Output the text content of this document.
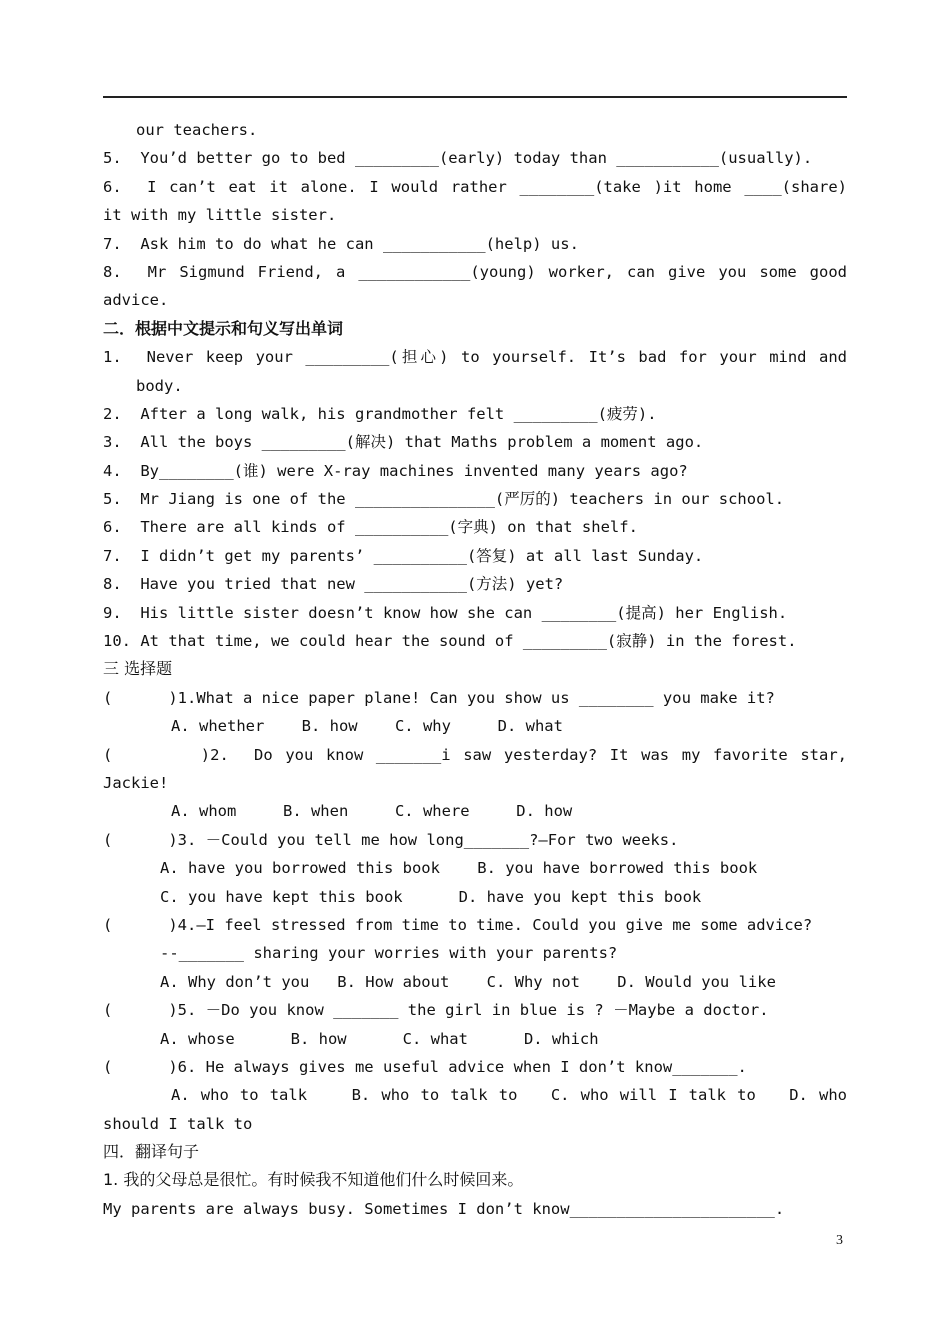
our teachers.
5.  You’d better go to bed _________(early) today than ___________(usually).
6.  I can’t eat it alone. I would rather ________(take )it home ____(share)
it with my little sister.
7.  Ask him to do what he can ___________(help) us.
8.  Mr Sigmund Friend, a ____________(young) worker, can give you some good
advice.
二．根据中文提示和句义写出单词
1.  Never keep your _________(担心) to yourself. It’s bad for your mind and
body.
2.  After a long walk, his grandmother felt _________(疲劳).
3.  All the boys _________(解决) that Maths problem a moment ago.
4.  By________(谁) were X-ray machines invented many years ago?
5.  Mr Jiang is one of the _______________(严厉的) teachers in our school.
6.  There are all kinds of __________(字典) on that shelf.
7.  I didn’t get my parents’ __________(答复) at all last Sunday.
8.  Have you tried that new ___________(方法) yet?
9.  His little sister doesn’t know how she can ________(提高) her English.
10. At that time, we could hear the sound of _________(寂静) in the forest.
三 选择题
(      )1.What a nice paper plane! Can you show us ________ you make it?
A. whether    B. how    C. why     D. what
(       )2.  Do you know _______i saw yesterday? It was my favorite star,
Jackie!
A. whom     B. when     C. where     D. how
(      )3. －Could you tell me how long_______?—For two weeks.
A. have you borrowed this book    B. you have borrowed this book
C. you have kept this book      D. have you kept this book
(      )4.—I feel stressed from time to time. Could you give me some advice?
--_______ sharing your worries with your parents?
A. Why don’t you   B. How about    C. Why not    D. Would you like
(      )5. －Do you know _______ the girl in blue is ? －Maybe a doctor.
A. whose      B. how      C. what      D. which
(      )6. He always gives me useful advice when I don’t know_______.
A. who to talk    B. who to talk to   C. who will I talk to   D. who
should I talk to
四．翻译句子
1. 我的父母总是很忙。有时候我不知道他们什么时候回来。
My parents are always busy. Sometimes I don’t know______________________.
3
